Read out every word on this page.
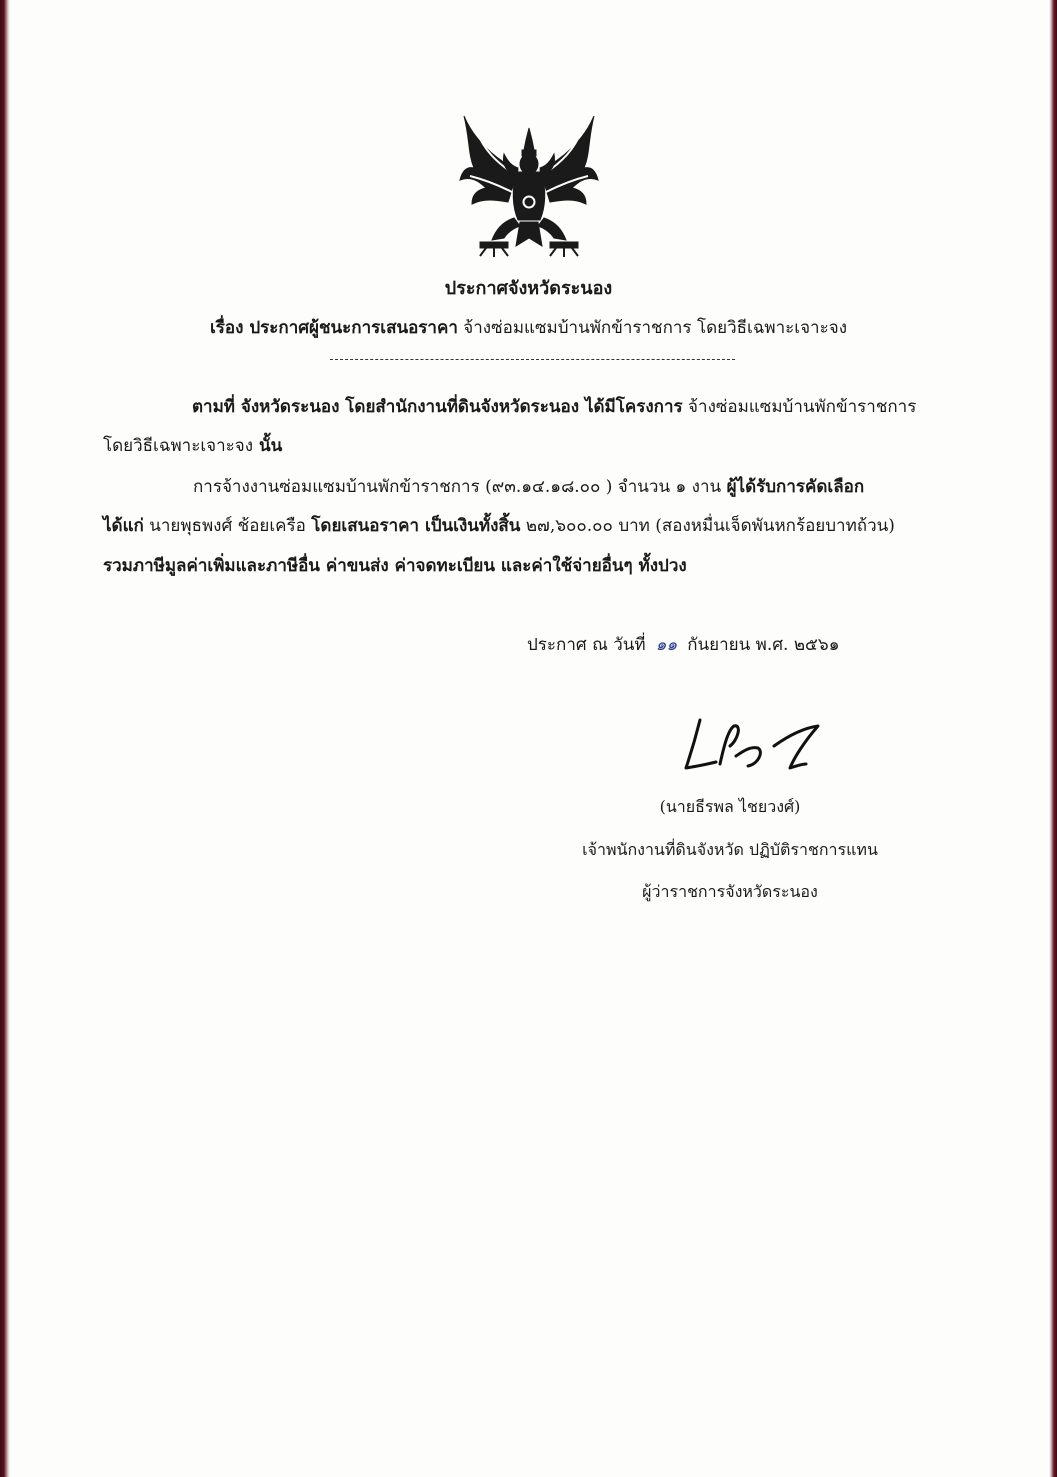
ประกาศจังหวัดระนอง
เรื่อง ประกาศผู้ชนะการเสนอราคา จ้างซ่อมแซมบ้านพักข้าราชการ โดยวิธีเฉพาะเจาะจง
ตามที่ จังหวัดระนอง โดยสำนักงานที่ดินจังหวัดระนอง ได้มีโครงการ จ้างซ่อมแซมบ้านพักข้าราชการ
โดยวิธีเฉพาะเจาะจง นั้น
การจ้างงานซ่อมแซมบ้านพักข้าราชการ (๙๓.๑๔.๑๘.๐๐ ) จำนวน ๑ งาน ผู้ได้รับการคัดเลือก
ได้แก่ นายพุธพงศ์ ช้อยเครือ โดยเสนอราคา เป็นเงินทั้งสิ้น ๒๗,๖๐๐.๐๐ บาท (สองหมื่นเจ็ดพันหกร้อยบาทถ้วน)
รวมภาษีมูลค่าเพิ่มและภาษีอื่น ค่าขนส่ง ค่าจดทะเบียน และค่าใช้จ่ายอื่นๆ ทั้งปวง
ประกาศ ณ วันที่ ๑๑ กันยายน พ.ศ. ๒๕๖๑
(นายธีรพล ไชยวงศ์)
เจ้าพนักงานที่ดินจังหวัด ปฏิบัติราชการแทน
ผู้ว่าราชการจังหวัดระนอง
